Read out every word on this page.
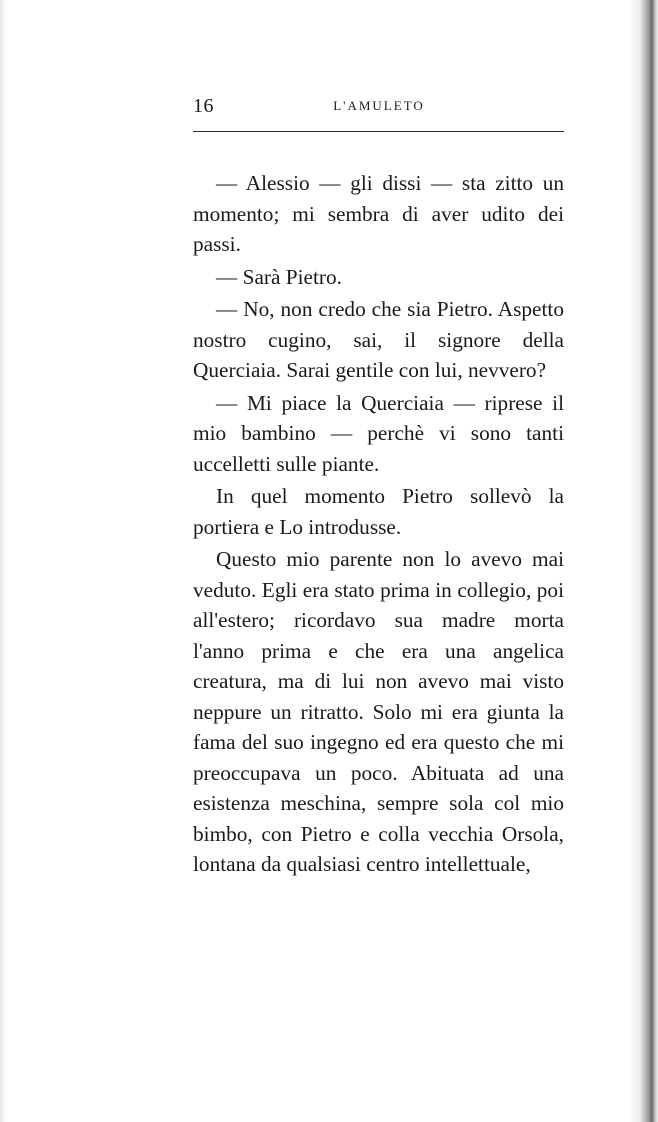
16	L'AMULETO

— Alessio — gli dissi — sta zitto un momento; mi sembra di aver udito dei passi.

— Sarà Pietro.

— No, non credo che sia Pietro. Aspetto nostro cugino, sai, il signore della Querciaia. Sarai gentile con lui, nevvero?

— Mi piace la Querciaia — riprese il mio bambino — perchè vi sono tanti uccelletti sulle piante.

In quel momento Pietro sollevò la portiera e Lo introdusse.

Questo mio parente non lo avevo mai veduto. Egli era stato prima in collegio, poi all'estero; ricordavo sua madre morta l'anno prima e che era una angelica creatura, ma di lui non avevo mai visto neppure un ritratto. Solo mi era giunta la fama del suo ingegno ed era questo che mi preoccupava un poco. Abituata ad una esistenza meschina, sempre sola col mio bimbo, con Pietro e colla vecchia Orsola, lontana da qualsiasi centro intellettuale,
